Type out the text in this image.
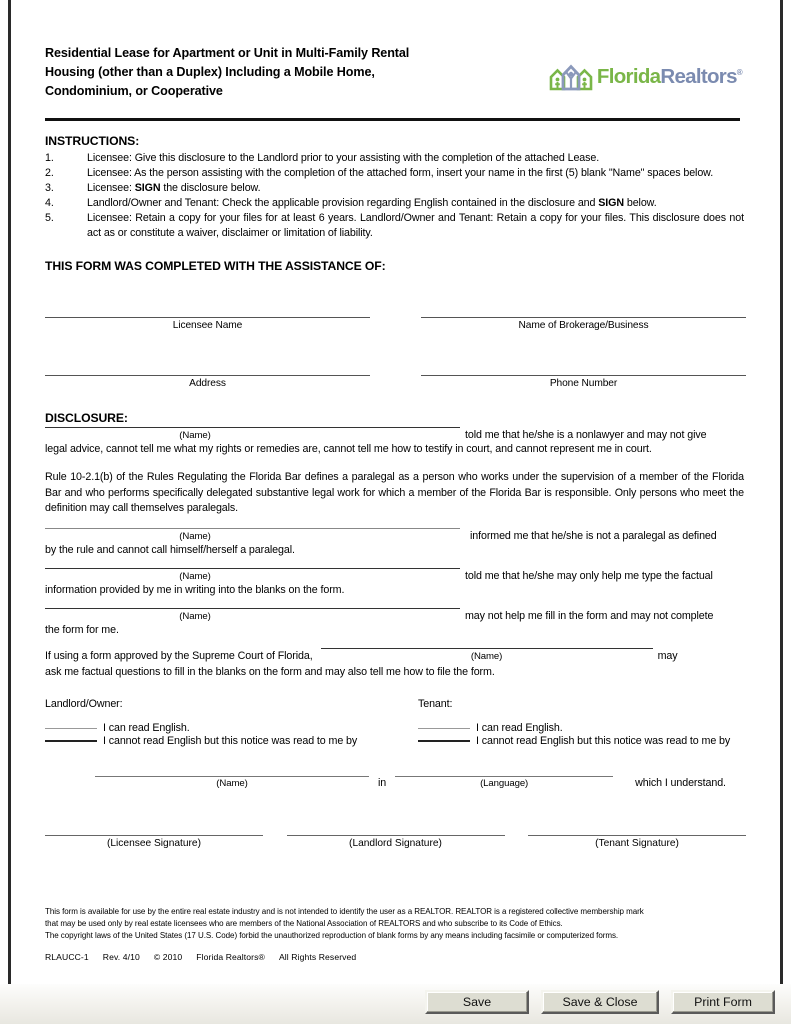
Residential Lease for Apartment or Unit in Multi-Family Rental
Housing (other than a Duplex) Including a Mobile Home,
Condominium, or Cooperative
FloridaRealtors®
INSTRUCTIONS:
1.	Licensee: Give this disclosure to the Landlord prior to your assisting with the completion of the attached Lease.
2.	Licensee: As the person assisting with the completion of the attached form, insert your name in the first (5) blank "Name" spaces below.
3.	Licensee: SIGN the disclosure below.
4.	Landlord/Owner and Tenant: Check the applicable provision regarding English contained in the disclosure and SIGN below.
5.	Licensee: Retain a copy for your files for at least 6 years. Landlord/Owner and Tenant: Retain a copy for your files. This disclosure does not act as or constitute a waiver, disclaimer or limitation of liability.
THIS FORM WAS COMPLETED WITH THE ASSISTANCE OF:
Licensee Name	Name of Brokerage/Business
Address	Phone Number
DISCLOSURE:
(Name)	told me that he/she is a nonlawyer and may not give
legal advice, cannot tell me what my rights or remedies are, cannot tell me how to testify in court, and cannot represent me in court.
Rule 10-2.1(b) of the Rules Regulating the Florida Bar defines a paralegal as a person who works under the supervision of a member of the Florida Bar and who performs specifically delegated substantive legal work for which a member of the Florida Bar is responsible. Only persons who meet the definition may call themselves paralegals.
(Name)	informed me that he/she is not a paralegal as defined
by the rule and cannot call himself/herself a paralegal.
(Name)	told me that he/she may only help me type the factual
information provided by me in writing into the blanks on the form.
(Name)	may not help me fill in the form and may not complete
the form for me.
If using a form approved by the Supreme Court of Florida,	(Name)	may
ask me factual questions to fill in the blanks on the form and may also tell me how to file the form.
Landlord/Owner:	Tenant:
I can read English.	I can read English.
I cannot read English but this notice was read to me by	I cannot read English but this notice was read to me by
(Name)	in	(Language)	which I understand.
(Licensee Signature)	(Landlord Signature)	(Tenant Signature)
This form is available for use by the entire real estate industry and is not intended to identify the user as a REALTOR. REALTOR is a registered collective membership mark
that may be used only by real estate licensees who are members of the National Association of REALTORS and who subscribe to its Code of Ethics.
The copyright laws of the United States (17 U.S. Code) forbid the unauthorized reproduction of blank forms by any means including facsimile or computerized forms.
RLAUCC-1 Rev. 4/10 © 2010 Florida Realtors® All Rights Reserved
Save	Save & Close	Print Form
